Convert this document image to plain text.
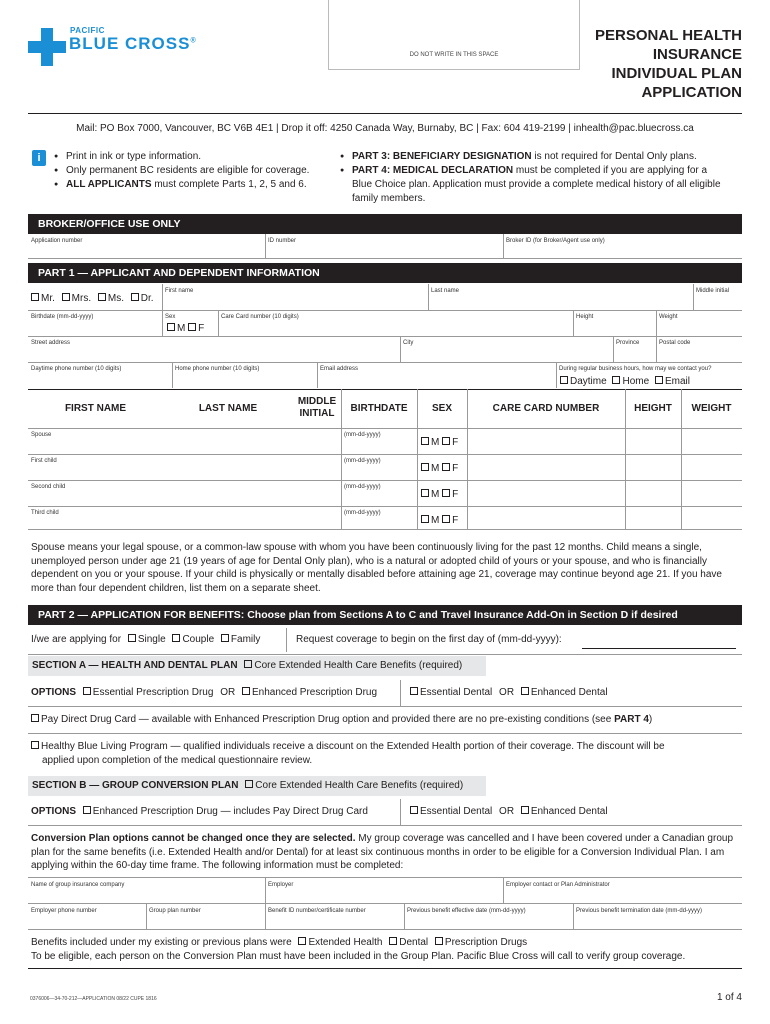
PACIFIC
BLUE CROSS®
DO NOT WRITE IN THIS SPACE
PERSONAL HEALTH
INSURANCE
INDIVIDUAL PLAN
APPLICATION
Mail: PO Box 7000, Vancouver, BC V6B 4E1 | Drop it off: 4250 Canada Way, Burnaby, BC | Fax: 604 419-2199 | inhealth@pac.bluecross.ca
i
●	Print in ink or type information.
● Only permanent BC residents are eligible for coverage.
● ALL APPLICANTS must complete Parts 1, 2, 5 and 6.
● PART 3: BENEFICIARY DESIGNATION is not required for Dental Only plans.
● PART 4: MEDICAL DECLARATION must be completed if you are applying for a Blue Choice plan. Application must provide a complete medical history of all eligible family members.
BROKER/OFFICE USE ONLY
Application number	ID number	Broker ID (for Broker/Agent use only)
PART 1 — APPLICANT AND DEPENDENT INFORMATION
Mr. Mrs. Ms. Dr.
First name	Last name	Middle initial
Birthdate (mm-dd-yyyy)	Sex
M F
Care Card number (10 digits)	Height	Weight
Street address	City	Province	Postal code
Daytime phone number (10 digits)	Home phone number (10 digits)	Email address	During regular business hours, how may we contact you?
Daytime Home Email
FIRST NAME	LAST NAME
MIDDLE
INITIAL	BIRTHDATE	SEX	CARE CARD NUMBER	HEIGHT	WEIGHT
Spouse	(mm-dd-yyyy)
M F
First child	(mm-dd-yyyy)
M F
Second child	(mm-dd-yyyy)
M F
Third child	(mm-dd-yyyy)
M F
Spouse means your legal spouse, or a common-law spouse with whom you have been continuously living for the past 12 months. Child means a single, unemployed person under age 21 (19 years of age for Dental Only plan), who is a natural or adopted child of yours or your spouse, and who is financially dependent on you or your spouse. If your child is physically or mentally disabled before attaining age 21, coverage may continue beyond age 21. If you have more than four dependent children, list them on a separate sheet.
PART 2 — APPLICATION FOR BENEFITS: Choose plan from Sections A to C and Travel Insurance Add-On in Section D if desired
I/we are applying for Single Couple Family	Request coverage to begin on the first day of (mm-dd-yyyy):
SECTION A — HEALTH AND DENTAL PLAN Core Extended Health Care Benefits (required)
OPTIONS Essential Prescription Drug OR Enhanced Prescription Drug	Essential Dental OR Enhanced Dental
Pay Direct Drug Card — available with Enhanced Prescription Drug option and provided there are no pre-existing conditions (see PART 4)
Healthy Blue Living Program — qualified individuals receive a discount on the Extended Health portion of their coverage. The discount will be
applied upon completion of the medical questionnaire review.
SECTION B — GROUP CONVERSION PLAN Core Extended Health Care Benefits (required)
OPTIONS Enhanced Prescription Drug — includes Pay Direct Drug Card	Essential Dental OR Enhanced Dental
Conversion Plan options cannot be changed once they are selected. My group coverage was cancelled and I have been covered under a Canadian group plan for the same benefits (i.e. Extended Health and/or Dental) for at least six continuous months in order to be eligible for a Conversion Individual Plan. I am applying within the 60-day time frame. The following information must be completed:
Name of group insurance company	Employer	Employer contact or Plan Administrator
Employer phone number	Group plan number	Benefit ID number/certificate number	Previous benefit effective date (mm-dd-yyyy)	Previous benefit termination date (mm-dd-yyyy)
Benefits included under my existing or previous plans were Extended Health Dental Prescription Drugs
To be eligible, each person on the Conversion Plan must have been included in the Group Plan. Pacific Blue Cross will call to verify group coverage.
0376006—34-70-212—APPLICATION 08/22 CUPE 1816	1 of 4
